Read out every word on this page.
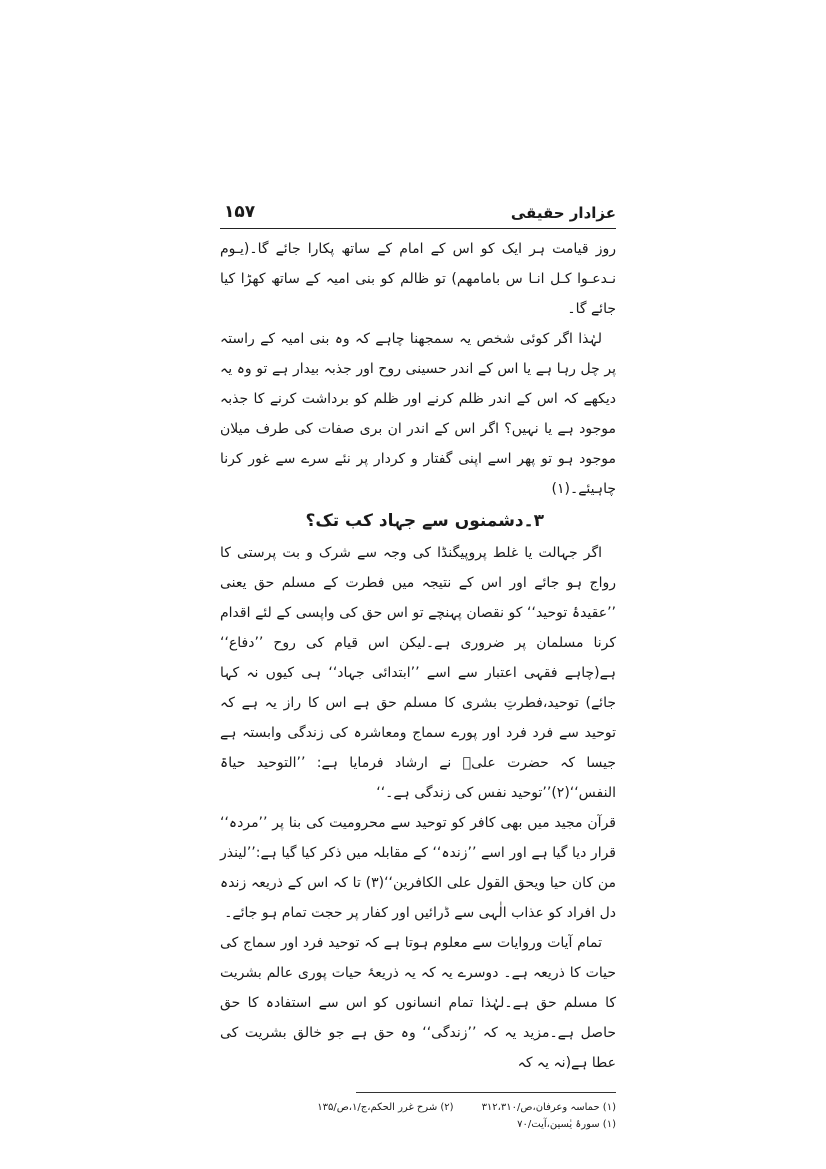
عزادار حقیقی
۱۵۷

روز قیامت ہر ایک کو اس کے امام کے ساتھ پکارا جائے گا۔(یـوم نـدعـوا کـل انـا س بامامھم) تو ظالم کو بنی امیہ کے ساتھ کھڑا کیا جائے گا۔

لہٰذا اگر کوئی شخص یہ سمجھنا چاہے کہ وہ بنی امیہ کے راستہ پر چل رہا ہے یا اس کے اندر حسینی روح اور جذبہ بیدار ہے تو وہ یہ دیکھے کہ اس کے اندر ظلم کرنے اور ظلم کو برداشت کرنے کا جذبہ موجود ہے یا نہیں؟ اگر اس کے اندر ان بری صفات کی طرف میلان موجود ہو تو پھر اسے اپنی گفتار و کردار پر نئے سرے سے غور کرنا چاہیئے۔(۱)

۳۔دشمنوں سے جہاد کب تک؟

اگر جہالت یا غلط پروپیگنڈا کی وجہ سے شرک و بت پرستی کا رواج ہو جائے اور اس کے نتیجہ میں فطرت کے مسلم حق یعنی ’’عقیدۂ توحید‘‘ کو نقصان پہنچے تو اس حق کی واپسی کے لئے اقدام کرنا مسلمان پر ضروری ہے۔لیکن اس قیام کی روح ’’دفاع‘‘ ہے(چاہے فقہی اعتبار سے اسے ’’ابتدائی جہاد‘‘ ہی کیوں نہ کہا جائے) توحید،فطرتِ بشری کا مسلم حق ہے اس کا راز یہ ہے کہ توحید سے فرد فرد اور پورے سماج ومعاشرہ کی زندگی وابستہ ہے جیسا کہ حضرت علیؑ نے ارشاد فرمایا ہے: ’’التوحید حیاۃ النفس‘‘(۲)’’توحید نفس کی زندگی ہے۔‘‘

قرآن مجید میں بھی کافر کو توحید سے محرومیت کی بنا پر ’’مردہ‘‘ قرار دیا گیا ہے اور اسے ’’زندہ‘‘ کے مقابلہ میں ذکر کیا گیا ہے:’’لینذر من کان حیا ویحق القول علی الکافرین‘‘(۳) تا کہ اس کے ذریعہ زندہ دل افراد کو عذاب الٰہی سے ڈرائیں اور کفار پر حجت تمام ہو جائے۔

تمام آیات وروایات سے معلوم ہوتا ہے کہ توحید فرد اور سماج کی حیات کا ذریعہ ہے۔ دوسرے یہ کہ یہ ذریعۂ حیات پوری عالم بشریت کا مسلم حق ہے۔لہٰذا تمام انسانوں کو اس سے استفادہ کا حق حاصل ہے۔مزید یہ کہ ’’زندگی‘‘ وہ حق ہے جو خالق بشریت کی عطا ہے(نہ یہ کہ

(۱) حماسہ وعرفان،ص/۳۱۲،۳۱۰
(۲) شرح غرر الحکم،ج/۱،ص/۱۳۵
(۱) سورۂ یٰسین،آیت/۷۰
